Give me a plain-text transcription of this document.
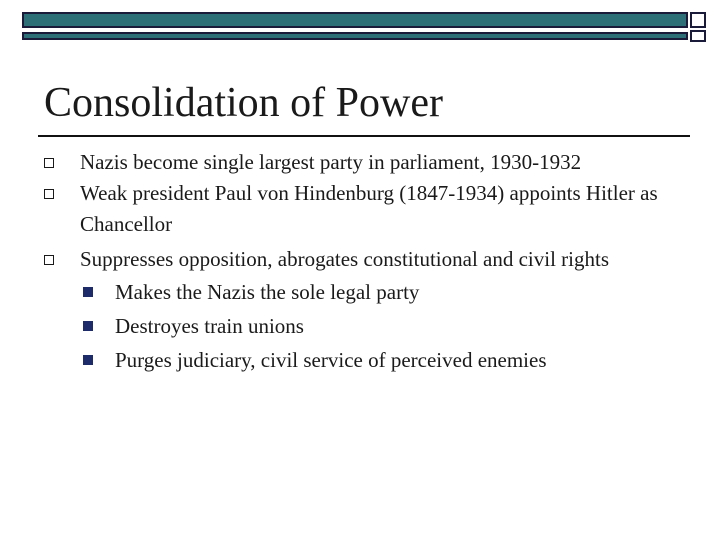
Consolidation of Power
Nazis become single largest party in parliament, 1930-1932
Weak president Paul von Hindenburg (1847-1934) appoints Hitler as Chancellor
Suppresses opposition, abrogates constitutional and civil rights
Makes the Nazis the sole legal party
Destroyes train unions
Purges judiciary, civil service of perceived enemies
